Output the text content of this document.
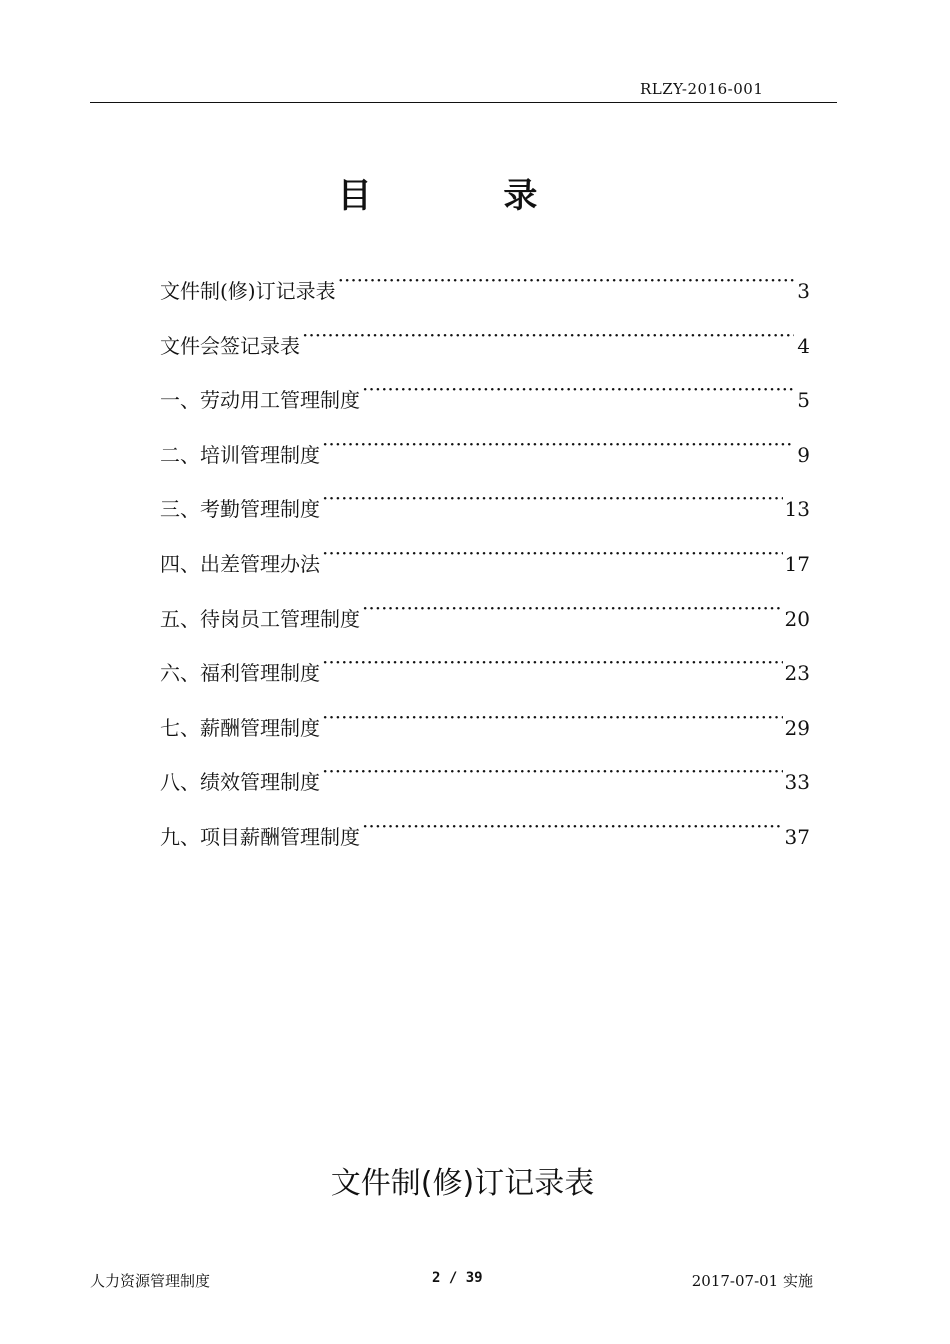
RLZY-2016-001
目 录
文件制(修)订记录表 ·····	3
文件会签记录表 ·····	4
一、劳动用工管理制度 ·····	5
二、培训管理制度 ·····	9
三、考勤管理制度 ·····	13
四、出差管理办法 ·····	17
五、待岗员工管理制度 ·····	20
六、福利管理制度 ·····	23
七、薪酬管理制度 ·····	29
八、绩效管理制度 ·····	33
九、项目薪酬管理制度 ·····	37
文件制(修)订记录表
人力资源管理制度	2 / 39	2017-07-01 实施
